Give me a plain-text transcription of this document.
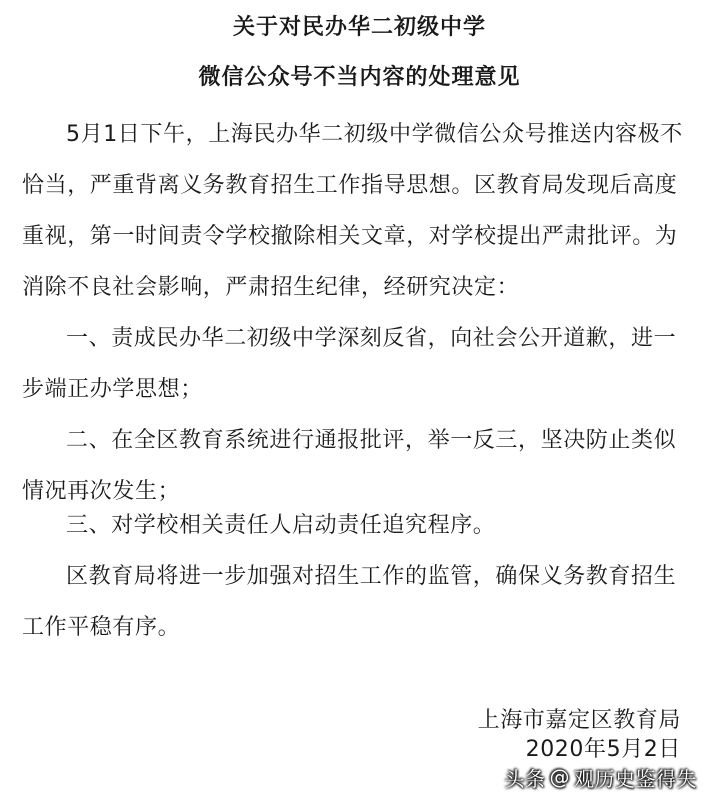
关于对民办华二初级中学
微信公众号不当内容的处理意见

5月1日下午，上海民办华二初级中学微信公众号推送内容极不恰当，严重背离义务教育招生工作指导思想。区教育局发现后高度重视，第一时间责令学校撤除相关文章，对学校提出严肃批评。为消除不良社会影响，严肃招生纪律，经研究决定：

一、责成民办华二初级中学深刻反省，向社会公开道歉，进一步端正办学思想；

二、在全区教育系统进行通报批评，举一反三，坚决防止类似情况再次发生；

三、对学校相关责任人启动责任追究程序。

区教育局将进一步加强对招生工作的监管，确保义务教育招生工作平稳有序。

上海市嘉定区教育局
2020年5月2日
头条 @ 观历史鉴得失
